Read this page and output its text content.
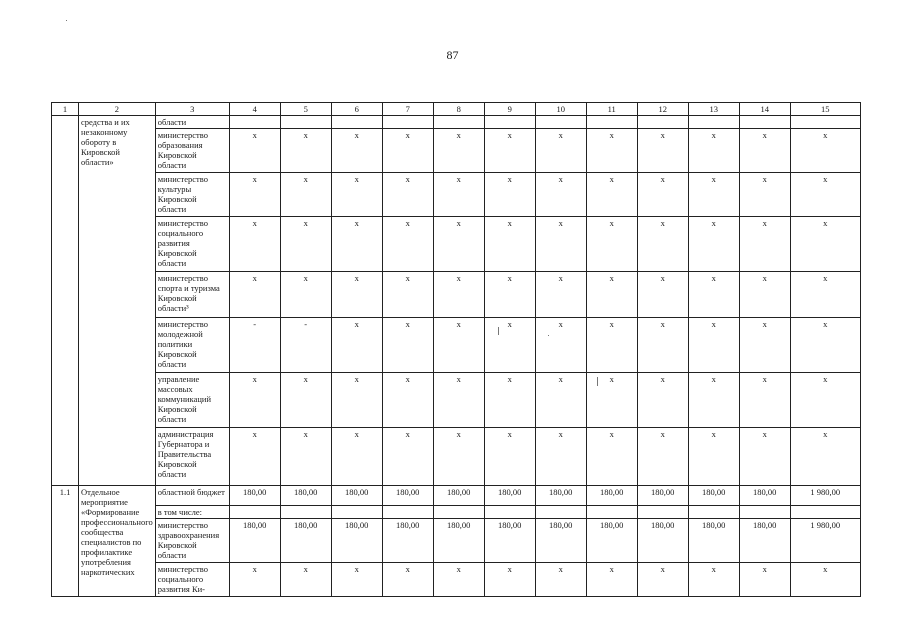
87
1	2	3	4	5	6	7	8	9	10	11	12	13	14	15
	средства и их незаконному обороту в Кировской области»	области												
		министерство образования Кировской области	x	x	x	x	x	x	x	x	x	x	x	x
		министерство культуры Кировской области	x	x	x	x	x	x	x	x	x	x	x	x
		министерство социального развития Кировской области	x	x	x	x	x	x	x	x	x	x	x	x
		министерство спорта и туризма Кировской области³	x	x	x	x	x	x	x	x	x	x	x	x
		министерство молодежной политики Кировской области	-	-	x	x	x	x	x	x	x	x	x	x
		управление массовых коммуникаций Кировской области	x	x	x	x	x	x	x	x	x	x	x	x
		администрация Губернатора и Правительства Кировской области	x	x	x	x	x	x	x	x	x	x	x	x
1.1	Отдельное мероприятие «Формирование профессионального сообщества специалистов по профилактике употребления наркотических	областной бюджет	180,00	180,00	180,00	180,00	180,00	180,00	180,00	180,00	180,00	180,00	180,00	1 980,00
		в том числе:												
		министерство здравоохранения Кировской области	180,00	180,00	180,00	180,00	180,00	180,00	180,00	180,00	180,00	180,00	180,00	1 980,00
		министерство социального развития Ки-	x	x	x	x	x	x	x	x	x	x	x	x
